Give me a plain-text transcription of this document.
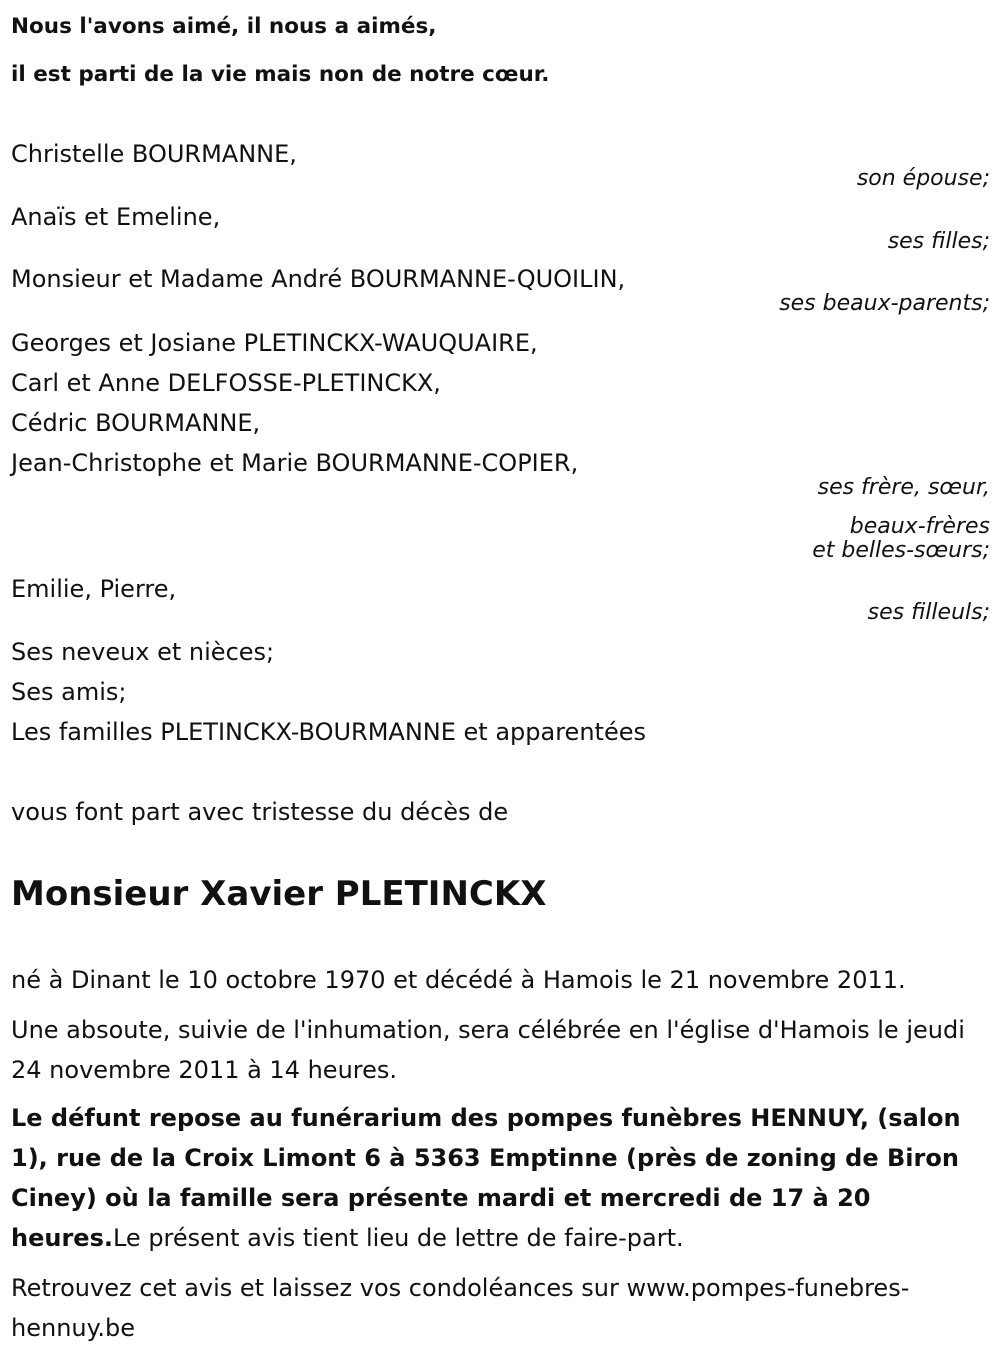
Nous l'avons aimé, il nous a aimés,
il est parti de la vie mais non de notre cœur.
Christelle BOURMANNE,
son épouse;
Anaïs et Emeline,
ses filles;
Monsieur et Madame André BOURMANNE-QUOILIN,
ses beaux-parents;
Georges et Josiane PLETINCKX-WAUQUAIRE,
Carl et Anne DELFOSSE-PLETINCKX,
Cédric BOURMANNE,
Jean-Christophe et Marie BOURMANNE-COPIER,
ses frère, sœur,
beaux-frères
et belles-sœurs;
Emilie, Pierre,
ses filleuls;
Ses neveux et nièces;
Ses amis;
Les familles PLETINCKX-BOURMANNE et apparentées
vous font part avec tristesse du décès de
Monsieur Xavier PLETINCKX
né à Dinant le 10 octobre 1970 et décédé à Hamois le 21 novembre 2011.
Une absoute, suivie de l'inhumation, sera célébrée en l'église d'Hamois le jeudi 24 novembre 2011 à 14 heures.
Le défunt repose au funérarium des pompes funèbres HENNUY, (salon 1), rue de la Croix Limont 6 à 5363 Emptinne (près de zoning de Biron Ciney) où la famille sera présente mardi et mercredi de 17 à 20 heures.Le présent avis tient lieu de lettre de faire-part.
Retrouvez cet avis et laissez vos condoléances sur www.pompes-funebres-hennuy.be
